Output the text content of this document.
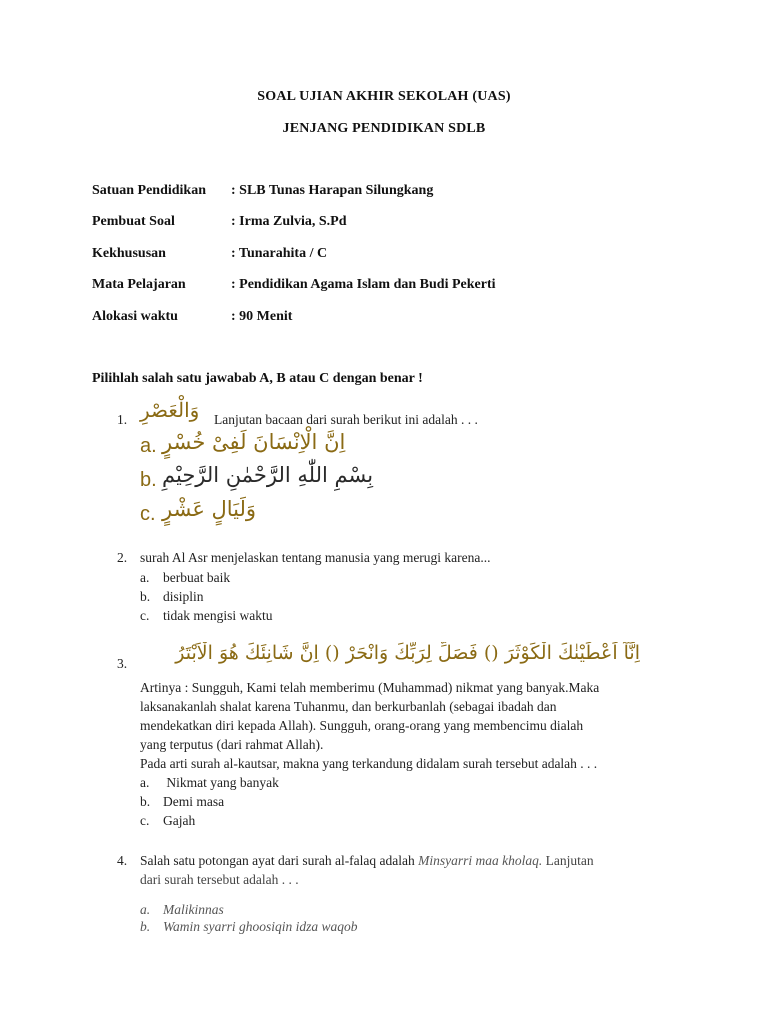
SOAL UJIAN AKHIR SEKOLAH (UAS)
JENJANG PENDIDIKAN SDLB
Satuan Pendidikan : SLB Tunas Harapan Silungkang
Pembuat Soal	: Irma Zulvia, S.Pd
Kekhususan	: Tunarahita / C
Mata Pelajaran	: Pendidikan Agama Islam dan Budi Pekerti
Alokasi waktu	: 90 Menit
Pilihlah salah satu jawabab A, B atau C dengan benar !
1. وَالْعَصْرِ Lanjutan bacaan dari surah berikut ini adalah . . .
a. اِنَّ الْاِنْسَانَ لَفِىْ خُسْرٍ
b. بِسْمِ اللّٰهِ الرَّحْمٰنِ الرَّحِيْمِ
c. وَلَيَالٍ عَشْرٍ
2. surah Al Asr menjelaskan tentang manusia yang merugi karena...
a. berbuat baik
b. disiplin
c. tidak mengisi waktu
3.	اِنَّآ اَعْطَيْنٰكَ الْكَوْثَرَ () فَصَلِّ لِرَبِّكَ وَانْحَرْ () اِنَّ شَانِئَكَ هُوَ الْاَبْتَرُ
Artinya : Sungguh, Kami telah memberimu (Muhammad) nikmat yang banyak.Maka
laksanakanlah shalat karena Tuhanmu, dan berkurbanlah (sebagai ibadah dan
mendekatkan diri kepada Allah). Sungguh, orang-orang yang membencimu dialah
yang terputus (dari rahmat Allah).
Pada arti surah al-kautsar, makna yang terkandung didalam surah tersebut adalah . . .
a. Nikmat yang banyak
b. Demi masa
c. Gajah
4. Salah satu potongan ayat dari surah al-falaq adalah Minsyarri maa kholaq. Lanjutan
dari surah tersebut adalah . . .
a. Malikinnas
b. Wamin syarri ghoosiqin idza waqob
